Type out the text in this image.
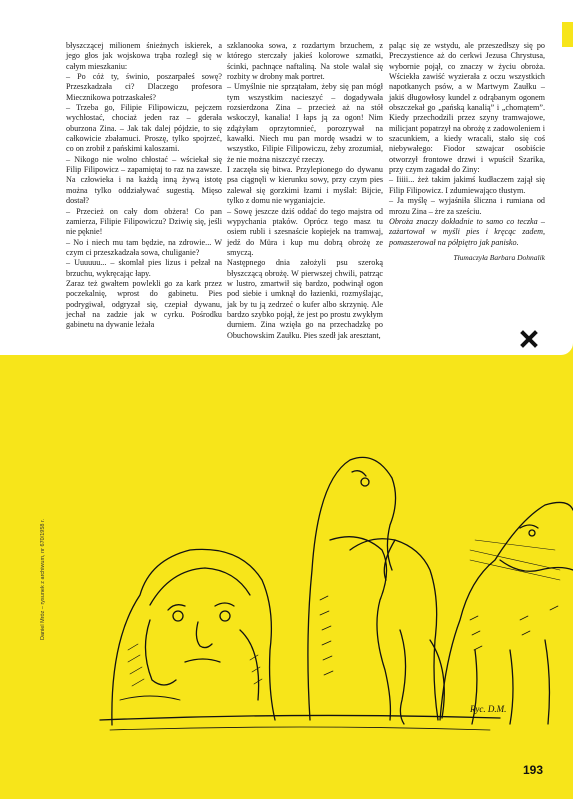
błyszczącej milionem śnieżnych iskierek, a jego głos jak wojskowa trąba rozległ się w całym mieszkaniu:

– Po cóż ty, świnio, poszarpałeś sowę? Przeszkadzała ci? Dlaczego profesora Miecznikowa potrzaskałeś?

– Trzeba go, Filipie Filipowiczu, pejczem wychłostać, chociaż jeden raz – gderała oburzona Zina. – Jak tak dalej pójdzie, to się całkowicie zbałamuci. Proszę, tylko spojrzeć, co on zrobił z pańskimi kaloszami.

– Nikogo nie wolno chłostać – wściekał się Filip Filipowicz – zapamiętaj to raz na zawsze. Na człowieka i na każdą inną żywą istotę można tylko oddziaływać sugestią. Mięso dostał?

– Przecież on cały dom obżera! Co pan zamierza, Filipie Filipowiczu? Dziwię się, jeśli nie pęknie!

– No i niech mu tam będzie, na zdrowie... W czym ci przeszkadzała sowa, chuliganie?

– Uuuuuu... – skomlał pies lizus i pełzał na brzuchu, wykręcając łapy.

Zaraz też gwałtem powlekli go za kark przez poczekalnię, wprost do gabinetu. Pies podrygiwał, odgryzał się, czepiał dywanu, jechał na zadzie jak w cyrku. Pośrodku gabinetu na dywanie leżała

szklanooka sowa, z rozdartym brzuchem, z którego sterczały jakieś kolorowe szmatki, ścinki, pachnące naftaliną. Na stole walał się rozbity w drobny mak portret.

– Umyślnie nie sprzątałam, żeby się pan mógł tym wszystkim nacieszyć – dogadywała rozsierdzona Zina – przecież aż na stół wskoczył, kanalia! I łaps ją za ogon! Nim zdążyłam oprzytomnieć, porozrywał na kawałki. Niech mu pan mordę wsadzi w to wszystko, Filipie Filipowiczu, żeby zrozumiał, że nie można niszczyć rzeczy.

I zaczęła się bitwa. Przylepionego do dywanu psa ciągnęli w kierunku sowy, przy czym pies zalewał się gorzkimi łzami i myślał: Bijcie, tylko z domu nie wyganiajcie.

– Sowę jeszcze dziś oddać do tego majstra od wypychania ptaków. Oprócz tego masz tu osiem rubli i szesnaście kopiejek na tramwaj, jedź do Müra i kup mu dobrą obrożę ze smyczą.

Następnego dnia założyli psu szeroką błyszczącą obrożę. W pierwszej chwili, patrząc w lustro, zmartwił się bardzo, podwinął ogon pod siebie i umknął do łazienki, rozmyślając, jak by tu ją zedrzeć o kufer albo skrzynię. Ale bardzo szybko pojął, że jest po prostu zwykłym durniem. Zina wzięła go na przechadzkę po Obuchowskim Zaułku. Pies szedł jak aresztant,

paląc się ze wstydu, ale przeszedłszy się po Preczystience aż do cerkwi Jezusa Chrystusa, wybornie pojął, co znaczy w życiu obroża. Wściekła zawiść wyzierała z oczu wszystkich napotkanych psów, a w Martwym Zaułku – jakiś długowłosy kundel z odrąbanym ogonem obszczekał go „pańską kanalią” i „chomątem”. Kiedy przechodzili przez szyny tramwajowe, milicjant popatrzył na obrożę z zadowoleniem i szacunkiem, a kiedy wracali, stało się coś niebywałego: Fiodor szwajcar osobiście otworzył frontowe drzwi i wpuścił Szarika, przy czym zagadał do Ziny:

– Iiiii... żeż takim jakimś kudłaczem zajął się Filip Filipowicz. I zdumiewająco tłustym.

– Ja myślę – wyjaśniła śliczna i rumiana od mrozu Zina – żre za sześciu.

Obroża znaczy dokładnie to samo co teczka – zażartował w myśli pies i kręcąc zadem, pomaszerował na półpiętro jak panisko.

Tłumaczyła Barbara Dohnalik

Daniel Mróz – rysunek z archiwum, nr 670/1958 r.
Ryc. D.M.
193
